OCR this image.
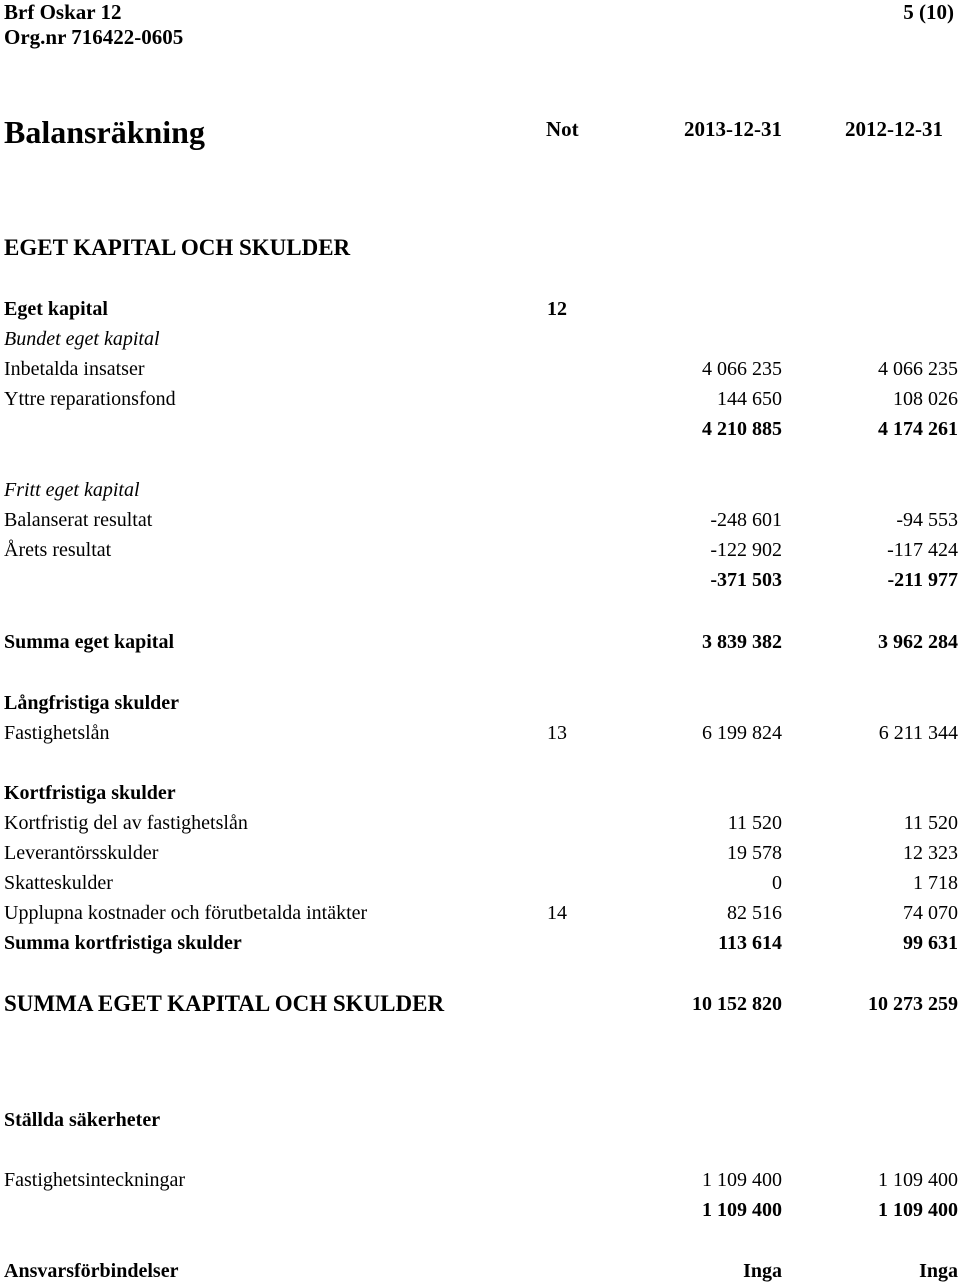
Brf Oskar 12
Org.nr 716422-0605
5 (10)
Balansräkning	Not	2013-12-31	2012-12-31
EGET KAPITAL OCH SKULDER
Eget kapital	12
Bundet eget kapital
Inbetalda insatser	4 066 235	4 066 235
Yttre reparationsfond	144 650	108 026
4 210 885	4 174 261
Fritt eget kapital
Balanserat resultat	-248 601	-94 553
Årets resultat	-122 902	-117 424
-371 503	-211 977
Summa eget kapital	3 839 382	3 962 284
Långfristiga skulder
Fastighetslån	13	6 199 824	6 211 344
Kortfristiga skulder
Kortfristig del av fastighetslån	11 520	11 520
Leverantörsskulder	19 578	12 323
Skatteskulder	0	1 718
Upplupna kostnader och förutbetalda intäkter	14	82 516	74 070
Summa kortfristiga skulder	113 614	99 631
SUMMA EGET KAPITAL OCH SKULDER	10 152 820	10 273 259
Ställda säkerheter
Fastighetsinteckningar	1 109 400	1 109 400
1 109 400	1 109 400
Ansvarsförbindelser	Inga	Inga
